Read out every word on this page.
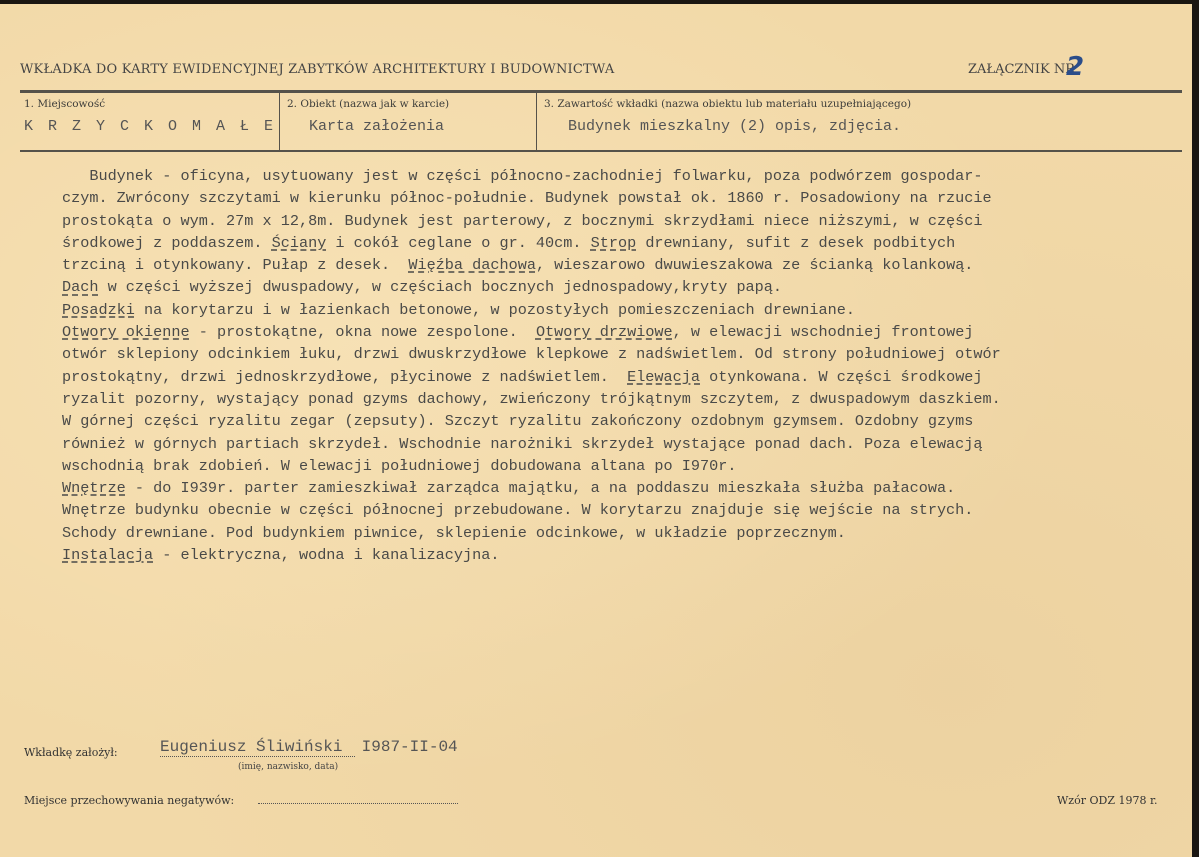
WKŁADKA DO KARTY EWIDENCYJNEJ ZABYTKÓW ARCHITEKTURY I BUDOWNICTWA	ZAŁĄCZNIK NR
2
1. Miejscowość
K R Z Y C K O M A Ł E
2. Obiekt (nazwa jak w karcie)
Karta założenia
3. Zawartość wkładki (nazwa obiektu lub materiału uzupełniającego)
Budynek mieszkalny (2) opis, zdjęcia.
Budynek - oficyna, usytuowany jest w części północno-zachodniej folwarku, poza podwórzem gospodar-
czym. Zwrócony szczytami w kierunku północ-południe. Budynek powstał ok. 1860 r. Posadowiony na rzucie
prostokąta o wym. 27m x 12,8m. Budynek jest parterowy, z bocznymi skrzydłami niece niższymi, w części
środkowej z poddaszem. Ściany i cokół ceglane o gr. 40cm. Strop drewniany, sufit z desek podbitych
trzciną i otynkowany. Pułap z desek.  Więźba dachowa, wieszarowo dwuwieszakowa ze ścianką kolankową.
Dach w części wyższej dwuspadowy, w częściach bocznych jednospadowy,kryty papą.
Posadzki na korytarzu i w łazienkach betonowe, w pozostyłych pomieszczeniach drewniane.
Otwory okienne - prostokątne, okna nowe zespolone.  Otwory drzwiowe, w elewacji wschodniej frontowej
otwór sklepiony odcinkiem łuku, drzwi dwuskrzydłowe klepkowe z nadświetlem. Od strony południowej otwór
prostokątny, drzwi jednoskrzydłowe, płycinowe z nadświetlem.  Elewacja otynkowana. W części środkowej
ryzalit pozorny, wystający ponad gzyms dachowy, zwieńczony trójkątnym szczytem, z dwuspadowym daszkiem.
W górnej części ryzalitu zegar (zepsuty). Szczyt ryzalitu zakończony ozdobnym gzymsem. Ozdobny gzyms
również w górnych partiach skrzydeł. Wschodnie narożniki skrzydeł wystające ponad dach. Poza elewacją
wschodnią brak zdobień. W elewacji południowej dobudowana altana po I970r.
Wnętrze - do I939r. parter zamieszkiwał zarządca majątku, a na poddaszu mieszkała służba pałacowa.
Wnętrze budynku obecnie w części północnej przebudowane. W korytarzu znajduje się wejście na strych.
Schody drewniane. Pod budynkiem piwnice, sklepienie odcinkowe, w układzie poprzecznym.
Instalacja - elektryczna, wodna i kanalizacyjna.
Wkładkę założył:	Eugeniusz Śliwiński  I987-II-04
(imię, nazwisko, data)
Miejsce przechowywania negatywów:	Wzór ODZ 1978 r.
